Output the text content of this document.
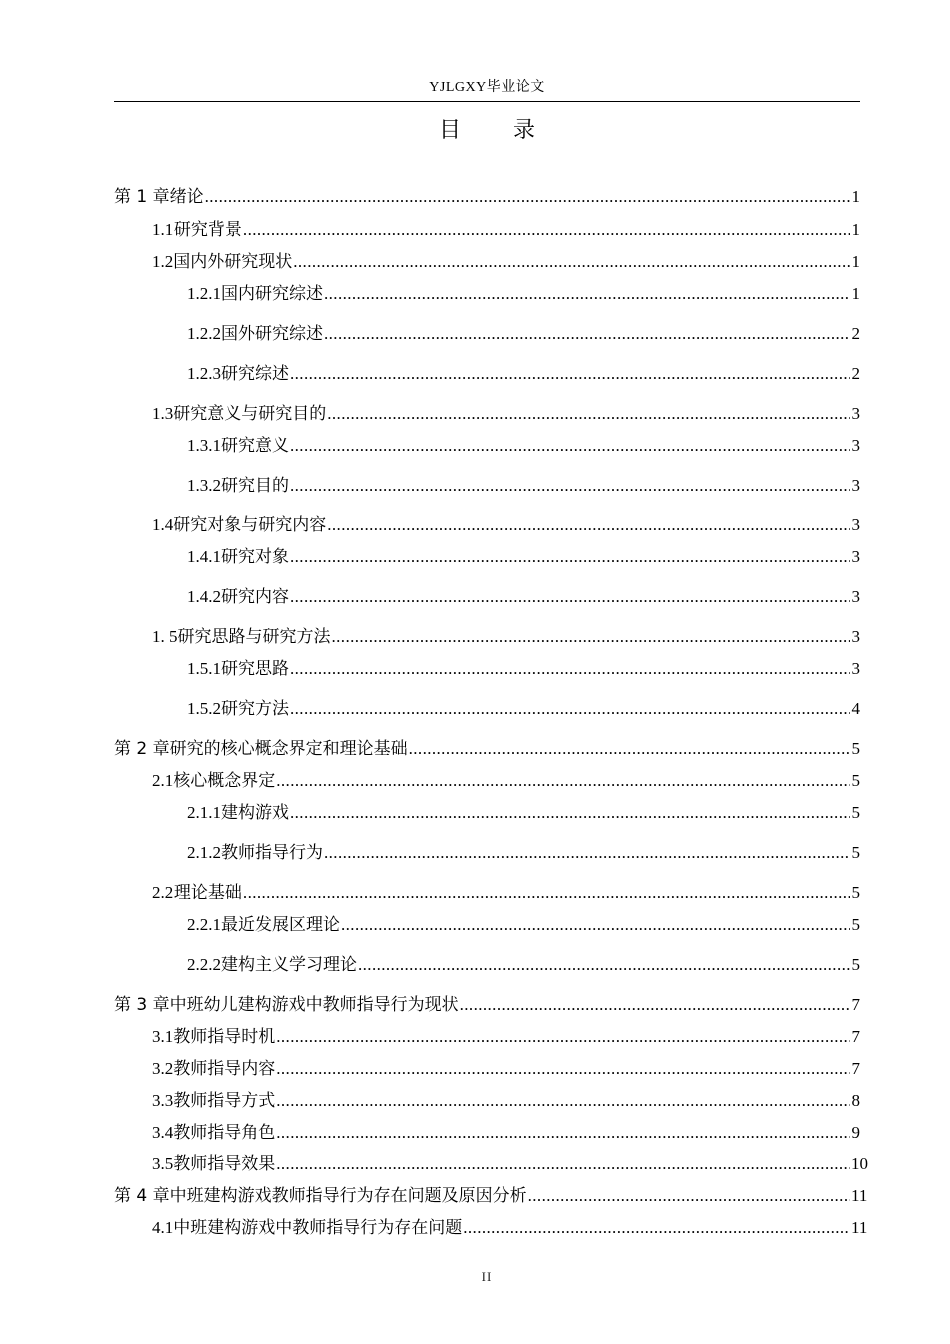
YJLGXY毕业论文
目 录
第 1 章 绪论 .....	1
1.1 研究背景 .....	1
1.2 国内外研究现状 .....	1
1.2.1 国内研究综述 .....	1
1.2.2 国外研究综述 .....	2
1.2.3 研究综述 .....	2
1.3 研究意义与研究目的 .....	3
1.3.1 研究意义 .....	3
1.3.2 研究目的 .....	3
1.4 研究对象与研究内容 .....	3
1.4.1 研究对象 .....	3
1.4.2 研究内容 .....	3
1. 5 研究思路与研究方法 .....	3
1.5.1 研究思路 .....	3
1.5.2 研究方法 .....	4
第 2 章 研究的核心概念界定和理论基础 .....	5
2.1 核心概念界定 .....	5
2.1.1 建构游戏 .....	5
2.1.2 教师指导行为 .....	5
2.2 理论基础 .....	5
2.2.1 最近发展区理论 .....	5
2.2.2 建构主义学习理论 .....	5
第 3 章 中班幼儿建构游戏中教师指导行为现状 .....	7
3.1 教师指导时机 .....	7
3.2 教师指导内容 .....	7
3.3 教师指导方式 .....	8
3.4 教师指导角色 .....	9
3.5 教师指导效果 .....	10
第 4 章 中班建构游戏教师指导行为存在问题及原因分析 .....	11
4.1 中班建构游戏中教师指导行为存在问题 .....	11
II
